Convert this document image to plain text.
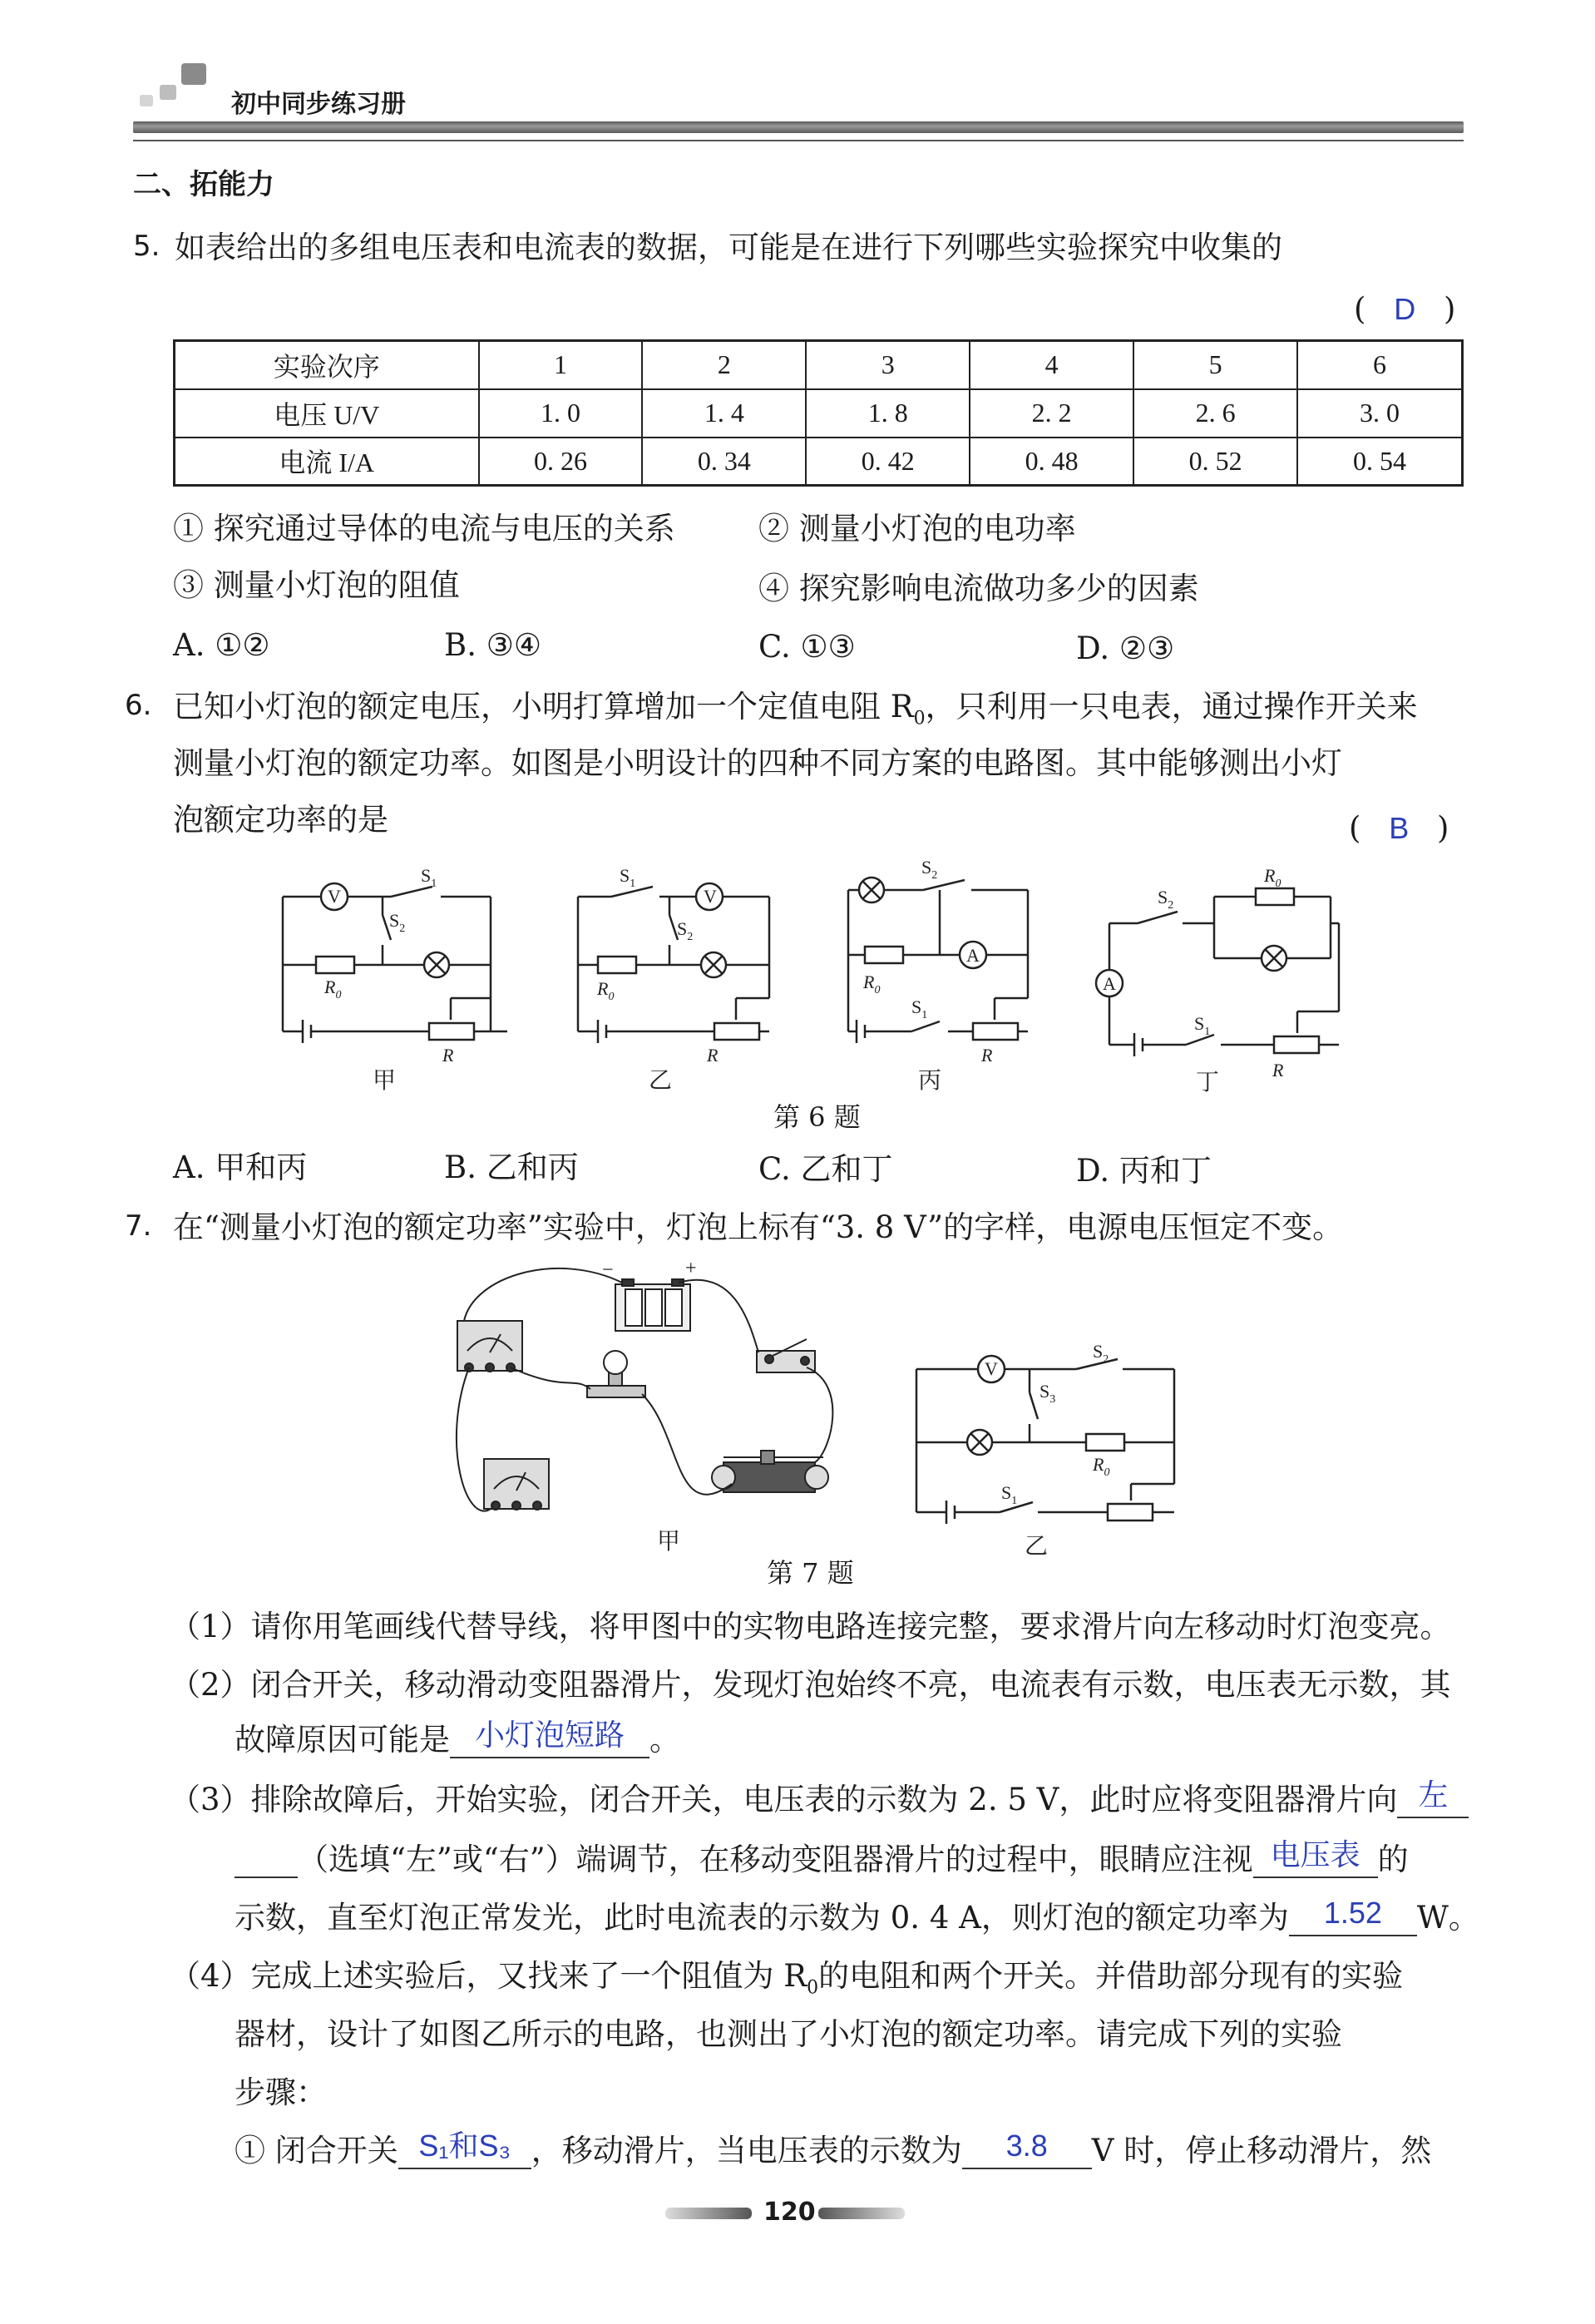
初中同步练习册
二、拓能力
5. 如表给出的多组电压表和电流表的数据，可能是在进行下列哪些实验探究中收集的
( D )
实验次序	1	2	3	4	5	6
电压 U/V	1. 0	1. 4	1. 8	2. 2	2. 6	3. 0
电流 I/A	0. 26	0. 34	0. 42	0. 48	0. 52	0. 54
① 探究通过导体的电流与电压的关系	② 测量小灯泡的电功率
③ 测量小灯泡的阻值	④ 探究影响电流做功多少的因素
A. ①②	B. ③④	C. ①③	D. ②③
6. 已知小灯泡的额定电压，小明打算增加一个定值电阻 $R_0$，只利用一只电表，通过操作开关来
测量小灯泡的额定功率。如图是小明设计的四种不同方案的电路图。其中能够测出小灯
泡额定功率的是	( B )
V
$S_1$
$S_2$
$R_0$
R
$S_1$
V
$S_2$
$R_0$
R
$S_2$
A
$R_0$
$S_1$
R
$S_2$
$R_0$
A
$S_1$
R
甲	乙	丙	丁
第 6 题
A. 甲和丙	B. 乙和丙	C. 乙和丁	D. 丙和丁
7. 在“测量小灯泡的额定功率”实验中，灯泡上标有“3. 8 V”的字样，电源电压恒定不变。
−	+
甲
V
$S_2$
$S_3$
$R_0$
$S_1$
乙
第 7 题
（1）请你用笔画线代替导线，将甲图中的实物电路连接完整，要求滑片向左移动时灯泡变亮。
（2）闭合开关，移动滑动变阻器滑片，发现灯泡始终不亮，电流表有示数，电压表无示数，其
故障原因可能是 小灯泡短路 。
（3）排除故障后，开始实验，闭合开关，电压表的示数为 2. 5 V，此时应将变阻器滑片向 左
（选填“左”或“右”）端调节，在移动变阻器滑片的过程中，眼睛应注视 电压表 的
示数，直至灯泡正常发光，此时电流表的示数为 0. 4 A，则灯泡的额定功率为 1.52 W。
（4）完成上述实验后，又找来了一个阻值为 $R_0$的电阻和两个开关。并借助部分现有的实验
器材，设计了如图乙所示的电路，也测出了小灯泡的额定功率。请完成下列的实验
步骤：
① 闭合开关 S₁和S₃ ，移动滑片，当电压表的示数为 3.8 V 时，停止移动滑片，然
120
